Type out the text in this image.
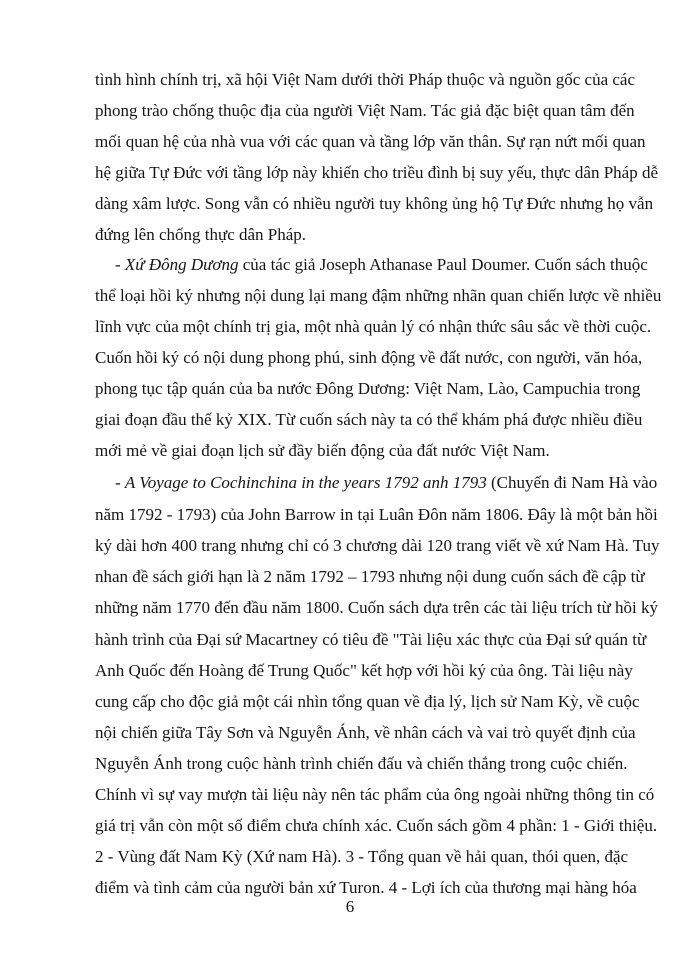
tình hình chính trị, xã hội Việt Nam dưới thời Pháp thuộc và nguồn gốc của các
phong trào chống thuộc địa của người Việt Nam. Tác giả đặc biệt quan tâm đến
mối quan hệ của nhà vua với các quan và tầng lớp văn thân. Sự rạn nứt mối quan
hệ giữa Tự Đức với tầng lớp này khiến cho triều đình bị suy yếu, thực dân Pháp dễ
dàng xâm lược. Song vẫn có nhiều người tuy không ủng hộ Tự Đức nhưng họ vẫn
đứng lên chống thực dân Pháp.
- Xứ Đông Dương của tác giả Joseph Athanase Paul Doumer. Cuốn sách thuộc
thể loại hồi ký nhưng nội dung lại mang đậm những nhãn quan chiến lược về nhiều
lĩnh vực của một chính trị gia, một nhà quản lý có nhận thức sâu sắc về thời cuộc.
Cuốn hồi ký có nội dung phong phú, sinh động về đất nước, con người, văn hóa,
phong tục tập quán của ba nước Đông Dương: Việt Nam, Lào, Campuchia trong
giai đoạn đầu thế kỷ XIX. Từ cuốn sách này ta có thể khám phá được nhiều điều
mới mẻ về giai đoạn lịch sử đầy biến động của đất nước Việt Nam.
- A Voyage to Cochinchina in the years 1792 anh 1793 (Chuyến đi Nam Hà vào
năm 1792 - 1793) của John Barrow in tại Luân Đôn năm 1806. Đây là một bản hồi
ký dài hơn 400 trang nhưng chỉ có 3 chương dài 120 trang viết về xứ Nam Hà. Tuy
nhan đề sách giới hạn là 2 năm 1792 – 1793 nhưng nội dung cuốn sách đề cập từ
những năm 1770 đến đầu năm 1800. Cuốn sách dựa trên các tài liệu trích từ hồi ký
hành trình của Đại sứ Macartney có tiêu đề "Tài liệu xác thực của Đại sứ quán từ
Anh Quốc đến Hoàng đế Trung Quốc" kết hợp với hồi ký của ông. Tài liệu này
cung cấp cho độc giả một cái nhìn tổng quan về địa lý, lịch sử Nam Kỳ, về cuộc
nội chiến giữa Tây Sơn và Nguyễn Ánh, về nhân cách và vai trò quyết định của
Nguyễn Ánh trong cuộc hành trình chiến đấu và chiến thắng trong cuộc chiến.
Chính vì sự vay mượn tài liệu này nên tác phẩm của ông ngoài những thông tin có
giá trị vẫn còn một số điểm chưa chính xác. Cuốn sách gồm 4 phần: 1 - Giới thiệu.
2 - Vùng đất Nam Kỳ (Xứ nam Hà). 3 - Tổng quan về hải quan, thói quen, đặc
điểm và tình cảm của người bản xứ Turon. 4 - Lợi ích của thương mại hàng hóa
6
